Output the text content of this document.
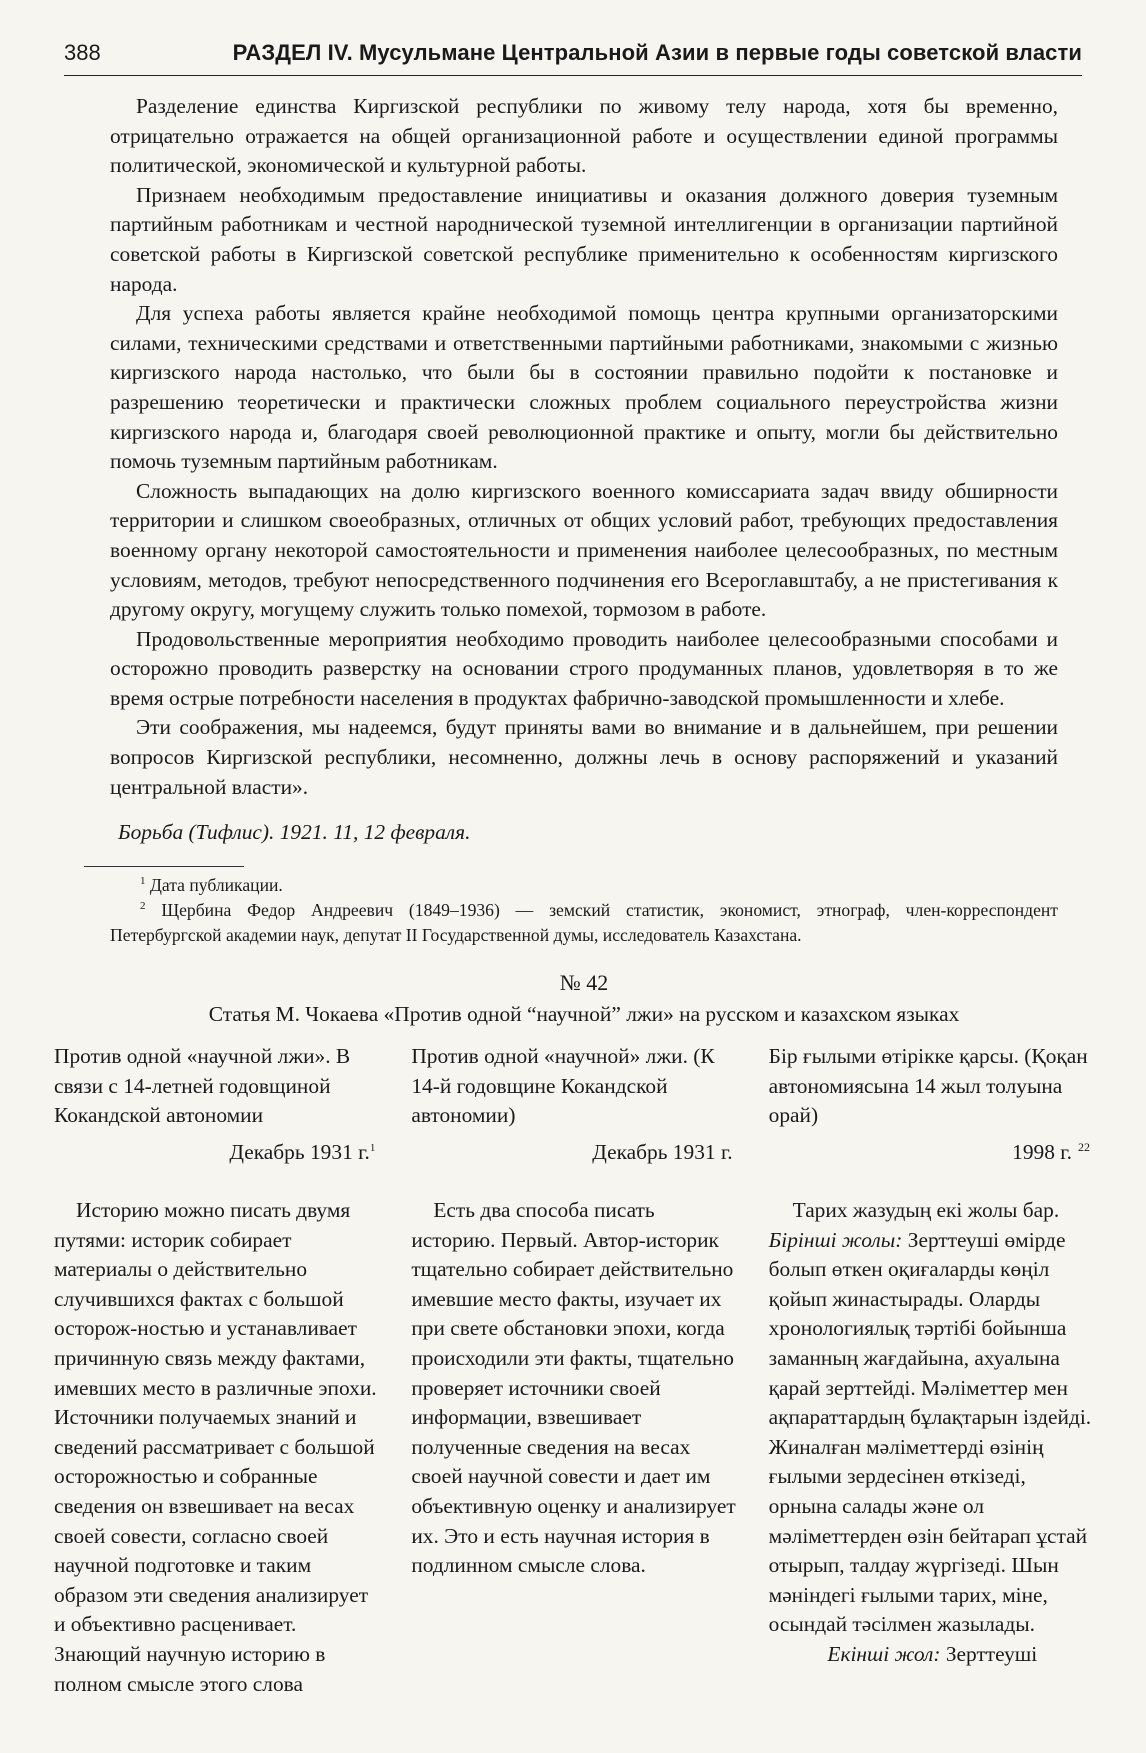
388	РАЗДЕЛ IV. Мусульмане Центральной Азии в первые годы советской власти

Разделение единства Киргизской республики по живому телу народа, хотя бы временно, отрицательно отражается на общей организационной работе и осуществлении единой программы политической, экономической и культурной работы.

Признаем необходимым предоставление инициативы и оказания должного доверия туземным партийным работникам и честной народнической туземной интеллигенции в организации партийной советской работы в Киргизской советской республике применительно к особенностям киргизского народа.

Для успеха работы является крайне необходимой помощь центра крупными организаторскими силами, техническими средствами и ответственными партийными работниками, знакомыми с жизнью киргизского народа настолько, что были бы в состоянии правильно подойти к постановке и разрешению теоретически и практически сложных проблем социального переустройства жизни киргизского народа и, благодаря своей революционной практике и опыту, могли бы действительно помочь туземным партийным работникам.

Сложность выпадающих на долю киргизского военного комиссариата задач ввиду обширности территории и слишком своеобразных, отличных от общих условий работ, требующих предоставления военному органу некоторой самостоятельности и применения наиболее целесообразных, по местным условиям, методов, требуют непосредственного подчинения его Всероглавштабу, а не пристегивания к другому округу, могущему служить только помехой, тормозом в работе.

Продовольственные мероприятия необходимо проводить наиболее целесообразными способами и осторожно проводить разверстку на основании строго продуманных планов, удовлетворяя в то же время острые потребности населения в продуктах фабрично-заводской промышленности и хлебе.

Эти соображения, мы надеемся, будут приняты вами во внимание и в дальнейшем, при решении вопросов Киргизской республики, несомненно, должны лечь в основу распоряжений и указаний центральной власти».

Борьба (Тифлис). 1921. 11, 12 февраля.

$^1$ Дата публикации.

$^2$ Щербина Федор Андреевич (1849–1936) — земский статистик, экономист, этнограф, член-корреспондент Петербургской академии наук, депутат II Государственной думы, исследователь Казахстана.

№ 42
Статья М. Чокаева «Против одной “научной” лжи» на русском и казахском языках

Против одной «научной лжи». В связи с 14-летней годовщиной Кокандской автономии

Декабрь 1931 г.$^1$

Историю можно писать двумя путями: историк собирает материалы о действительно случившихся фактах с большой осторож-ностью и устанавливает причинную связь между фактами, имевших место в различные эпохи. Источники получаемых знаний и сведений рассматривает с большой осторожностью и собранные сведения он взвешивает на весах своей совести, согласно своей научной подготовке и таким образом эти сведения анализирует и объективно расценивает. Знающий научную историю в полном смысле этого слова

Против одной «научной» лжи. (К 14-й годовщине Кокандской автономии)

Декабрь 1931 г.

Есть два способа писать историю. Первый. Автор-историк тщательно собирает действительно имевшие место факты, изучает их при свете обстановки эпохи, когда происходили эти факты, тщательно проверяет источники своей информации, взвешивает полученные сведения на весах своей научной совести и дает им объективную оценку и анализирует их. Это и есть научная история в подлинном смысле слова.

Бір ғылыми өтірікке қарсы. (Қоқан автономиясына 14 жыл толуына орай)

1998 г. $^{22}$

Тарих жазудың екі жолы бар. Бірінші жолы: Зерттеуші өмірде болып өткен оқиғаларды көңіл қойып жинастырады. Оларды хронологиялық тәртібі бойынша заманның жағдайына, ахуалына қарай зерттейді. Мәліметтер мен ақпараттардың бұлақтарын іздейді. Жиналған мәліметтерді өзінің ғылыми зердесінен өткізеді, орнына салады және ол мәліметтерден өзін бейтарап ұстай отырып, талдау жүргізеді. Шын мәніндегі ғылыми тарих, міне, осындай тәсілмен жазылады.
Екінші жол: Зерттеуші
